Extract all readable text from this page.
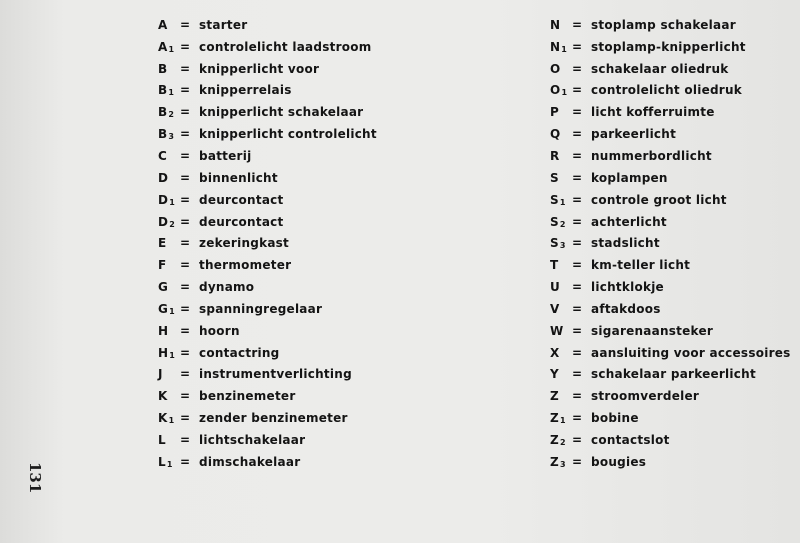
A	= starter
$A_1$ = controlelicht laadstroom
B	= knipperlicht voor
$B_1$ = knipperrelais
$B_2$ = knipperlicht schakelaar
$B_3$ = knipperlicht controlelicht
C	= batterij
D = binnenlicht
$D_1$ = deurcontact
$D_2$ = deurcontact
E	= zekeringkast
F	= thermometer
G = dynamo
$G_1$ = spanningregelaar
H = hoorn
$H_1$ = contactring
J	= instrumentverlichting
K	= benzinemeter
$K_1$ = zender benzinemeter
L	= lichtschakelaar
$L_1$ = dimschakelaar
N = stoplamp schakelaar
$N_1$ = stoplamp-knipperlicht
O = schakelaar oliedruk
$O_1$ = controlelicht oliedruk
P	= licht kofferruimte
Q = parkeerlicht
R	= nummerbordlicht
S	= koplampen
$S_1$ = controle groot licht
$S_2$ = achterlicht
$S_3$ = stadslicht
T	= km-teller licht
U	= lichtklokje
V	= aftakdoos
W = sigarenaansteker
X	= aansluiting voor accessoires
Y	= schakelaar parkeerlicht
Z	= stroomverdeler
$Z_1$ = bobine
$Z_2$ = contactslot
$Z_3$ = bougies
131
